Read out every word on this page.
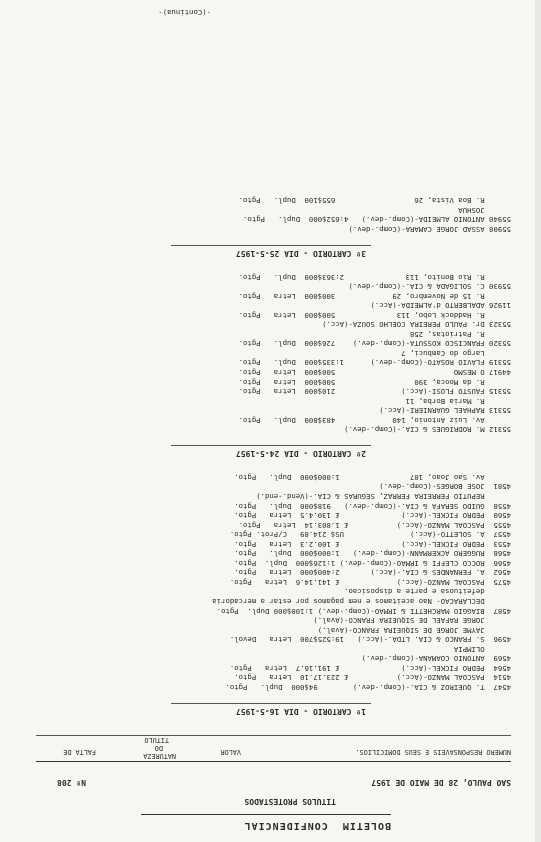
BOLETIM  CONFIDENCIAL
TITULOS PROTESTADOS
SAO PAULO, 28 DE MAIO DE 1957
Nº 208
NUMERO RESPONSAVEIS E SEUS DOMICILIOS.
VALOR
NATUREZA
DO
TITULO
FALTA DE
-(Continua)-
1º CARTORIO - DIA 16-5-1957
4547  T. QUEIROZ & CIA.-(Comp.-dev.)        94$000  Dupl.   Pgto.
4514  PASCOAL MANZO-(Acc.)           £ 223.17.10  Letra   Pgto.
4564  PEDRO FICKEL-(Acc.)              £ 191.16.7  Letra   Pgto.
4569  ANTONIO COAMANA-(Comp.-dev.)
OLIMPIA
4596  S. FRANCO & CIA. LTDA.-(Acc.)   19:525$700  Letra   Devol.
JAYME JORGE DE SIQUEIRA FRANCO-(Aval.)
JORGE RAFAEL DE SIQUEIRA FRANCO-(Aval.)
4587  BIAGGIO MARCHETTI & IRMAO-(Comp.-dev.) 1:100$000 Dupl.  Pgto.
DECLARACAO- Nao aceitamos e nem pagamos por estar a mercadoria
defeituosa e parte a disposicao.
4575  PASCOAL MANZO-(Acc.)             £ 141.14.6  Letra   Pgto.
4562  A. FERNANDES & CIA.-(Acc.)       2:400$000  Letra   Pgto.
4566  ROCCO CLEFFI & IRMAO-(Comp.-dev.) 1:126$000  Dupl.  Pgto.
4568  RUGGERO ACKERMANN-(Comp.-dev.)   1:000$000  Dupl.   Pgto.
4553  PEDRO FICKEL-(Acc.)              £ 100.2.3  Letra   Pgto.
4557  A. SOLETTO-(Acc.)               US$ 214.89   C/Prot. Pgto.
4555  PASCOAL MANZO-(Acc.)           £ 1.803.14  Letra   Pgto.
4560  PEDRO FICKEL-(Acc.)              £ 130.4.5  Letra   Pgto.
4558  GUIDO SERAFA & CIA.-(Comp.-dev.)   918$000  Dupl.   Pgto.
REPUTIO FERREIRA FERRAZ, SEGURAS & CIA.-(Vend.-end.)
4581  JOSE BORGES-(Comp.-dev.)
Av. Sao Joao, 187                1:000$000  Dupl.   Pgto.
2º CARTORIO - DIA 24-5-1957
55312 M. RODRIGUES & CIA.-(Comp.-dev.)
Av. Luiz Antonio, 140             483$800  Dupl.   Pgto.
55313 RAPHAEL GUARNIERI-(Acc.)
R. Maria Borba, 11
55315 FAUSTO FLOSI-(Acc.)               210$000  Letra   Pgto.
R. da Mooca, 390                  500$000  Letra   Pgto.
44917 O MESMO                           500$000  Letra   Pgto.
55319 FLAVIO ROSATO-(Comp.-dev.)      1:335$000  Dupl.   Pgto.
Largo do Cambuci, 7
55320 FRANCISCO KOSSUTA-(Comp.-dev.)    726$000  Dupl.   Pgto.
R. Patriotas, 258
55323 Dr. PAULO PEREIRA COELHO SOUZA-(Acc.)
R. Haddock Lobo, 113              500$000  Letra   Pgto.
11926 ADALBERTO d'ALMEIDA-(Acc.)
R. 15 de Novembro, 29             300$000  Letra   Pgto.
55930 C. SOLIGADA & CIA.-(Comp.-dev.)
R. Rio Bonito, 113              2:363$000  Dupl.   Pgto.
3º CARTORIO - DIA 25-5-1957
55908 ASSAD JORGE CAMARA-(Comp.-dev.)
55940 ANTONIO ALMEIDA-(Comp.-dev.)   4:652$000  Dupl.   Pgto.
JOSHUA
R. Boa Vista, 26                  655$100  Dupl.   Pgto.
